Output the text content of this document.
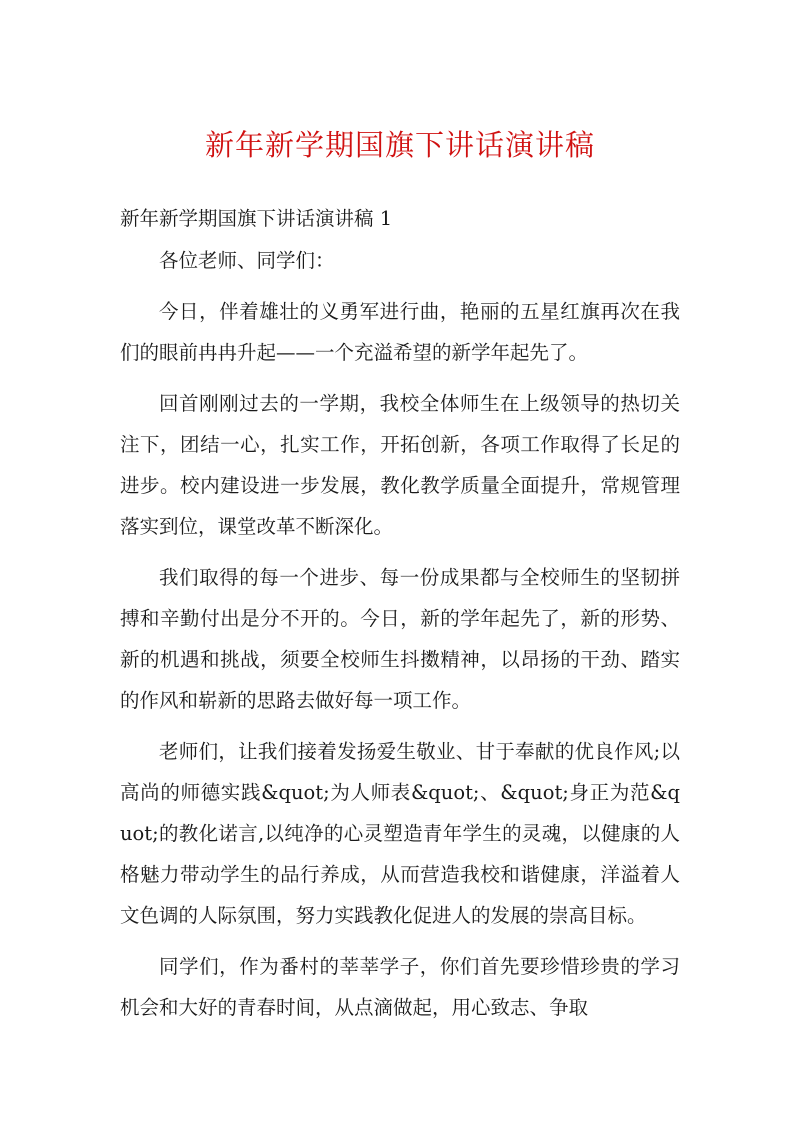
新年新学期国旗下讲话演讲稿
新年新学期国旗下讲话演讲稿 1

各位老师、同学们：

今日，伴着雄壮的义勇军进行曲，艳丽的五星红旗再次在我们的眼前冉冉升起——一个充溢希望的新学年起先了。

回首刚刚过去的一学期，我校全体师生在上级领导的热切关注下，团结一心，扎实工作，开拓创新，各项工作取得了长足的进步。校内建设进一步发展，教化教学质量全面提升，常规管理落实到位，课堂改革不断深化。

我们取得的每一个进步、每一份成果都与全校师生的坚韧拼搏和辛勤付出是分不开的。今日，新的学年起先了，新的形势、新的机遇和挑战，须要全校师生抖擞精神，以昂扬的干劲、踏实的作风和崭新的思路去做好每一项工作。

老师们，让我们接着发扬爱生敬业、甘于奉献的优良作风;以高尚的师德实践&quot;为人师表&quot;、&quot;身正为范&quot;的教化诺言,以纯净的心灵塑造青年学生的灵魂，以健康的人格魅力带动学生的品行养成，从而营造我校和谐健康，洋溢着人文色调的人际氛围，努力实践教化促进人的发展的崇高目标。

同学们，作为番村的莘莘学子，你们首先要珍惜珍贵的学习机会和大好的青春时间，从点滴做起，用心致志、争取
